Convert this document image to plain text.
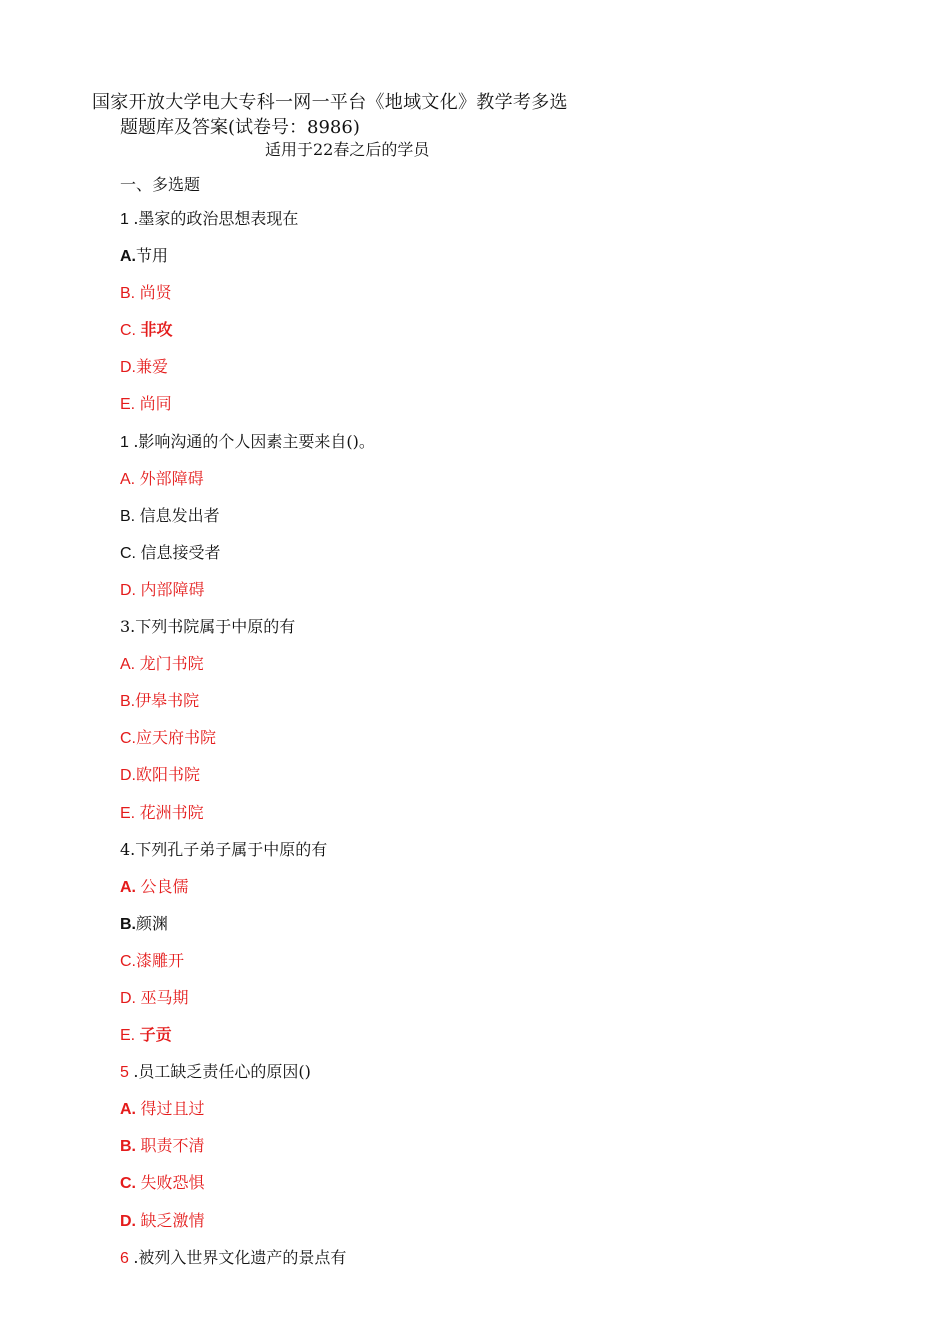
国家开放大学电大专科一网一平台《地域文化》教学考多选
题题库及答案(试卷号：8986)
适用于22春之后的学员
一、多选题
1 .墨家的政治思想表现在
A.节用
B. 尚贤
C. 非攻
D.兼爱
E. 尚同
1 .影响沟通的个人因素主要来自()。
A. 外部障碍
B. 信息发出者
C. 信息接受者
D. 内部障碍
3.下列书院属于中原的有
A. 龙门书院
B.伊皋书院
C.应天府书院
D.欧阳书院
E. 花洲书院
4.下列孔子弟子属于中原的有
A. 公良儒
B.颜渊
C.漆雕开
D. 巫马期
E. 子贡
5 .员工缺乏责任心的原因()
A. 得过且过
B. 职责不清
C. 失败恐惧
D. 缺乏激情
6 .被列入世界文化遗产的景点有
